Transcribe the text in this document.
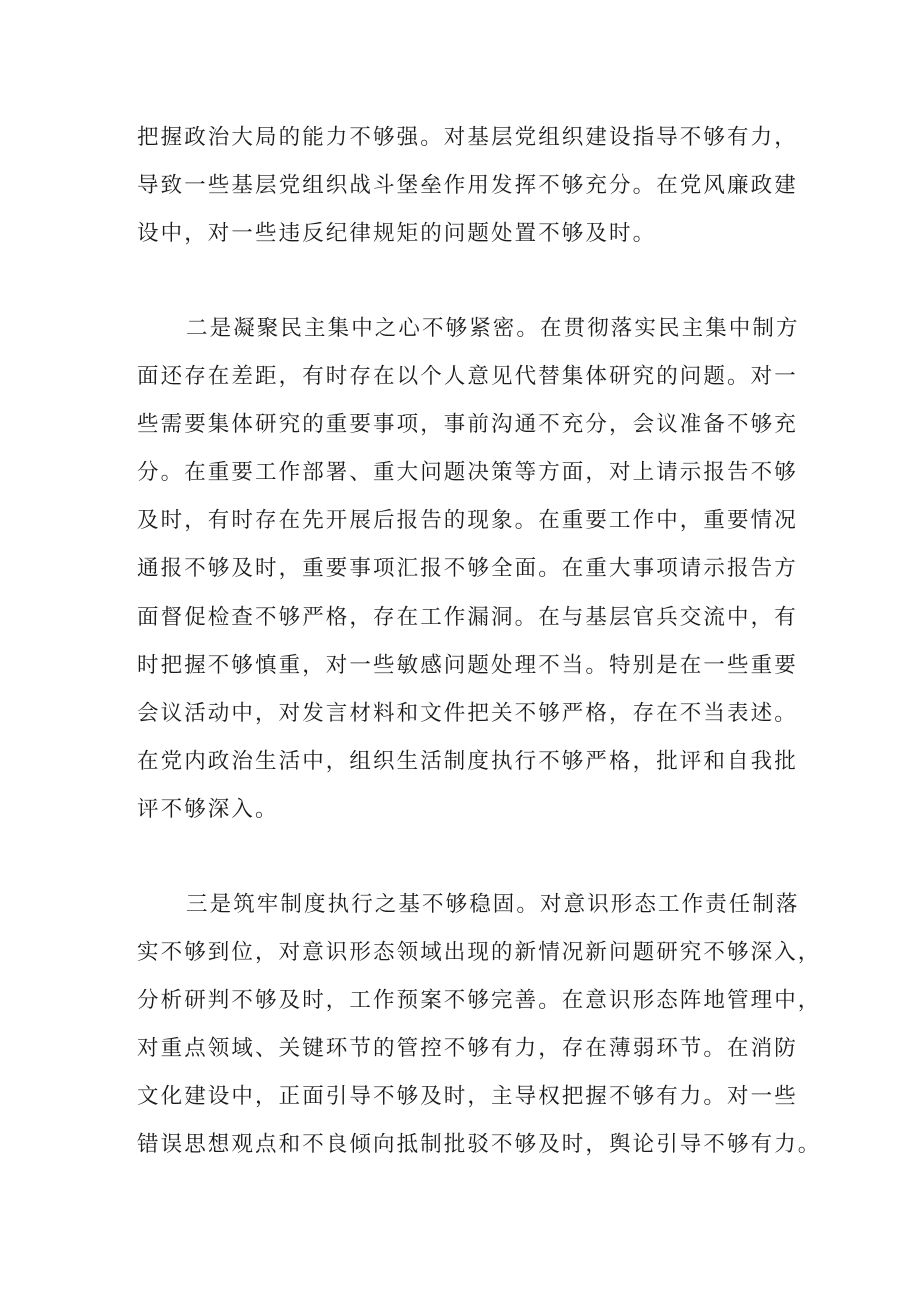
把握政治大局的能力不够强。对基层党组织建设指导不够有力，
导致一些基层党组织战斗堡垒作用发挥不够充分。在党风廉政建
设中，对一些违反纪律规矩的问题处置不够及时。
二是凝聚民主集中之心不够紧密。在贯彻落实民主集中制方
面还存在差距，有时存在以个人意见代替集体研究的问题。对一
些需要集体研究的重要事项，事前沟通不充分，会议准备不够充
分。在重要工作部署、重大问题决策等方面，对上请示报告不够
及时，有时存在先开展后报告的现象。在重要工作中，重要情况
通报不够及时，重要事项汇报不够全面。在重大事项请示报告方
面督促检查不够严格，存在工作漏洞。在与基层官兵交流中，有
时把握不够慎重，对一些敏感问题处理不当。特别是在一些重要
会议活动中，对发言材料和文件把关不够严格，存在不当表述。
在党内政治生活中，组织生活制度执行不够严格，批评和自我批
评不够深入。
三是筑牢制度执行之基不够稳固。对意识形态工作责任制落
实不够到位，对意识形态领域出现的新情况新问题研究不够深入，
分析研判不够及时，工作预案不够完善。在意识形态阵地管理中，
对重点领域、关键环节的管控不够有力，存在薄弱环节。在消防
文化建设中，正面引导不够及时，主导权把握不够有力。对一些
错误思想观点和不良倾向抵制批驳不够及时，舆论引导不够有力。
